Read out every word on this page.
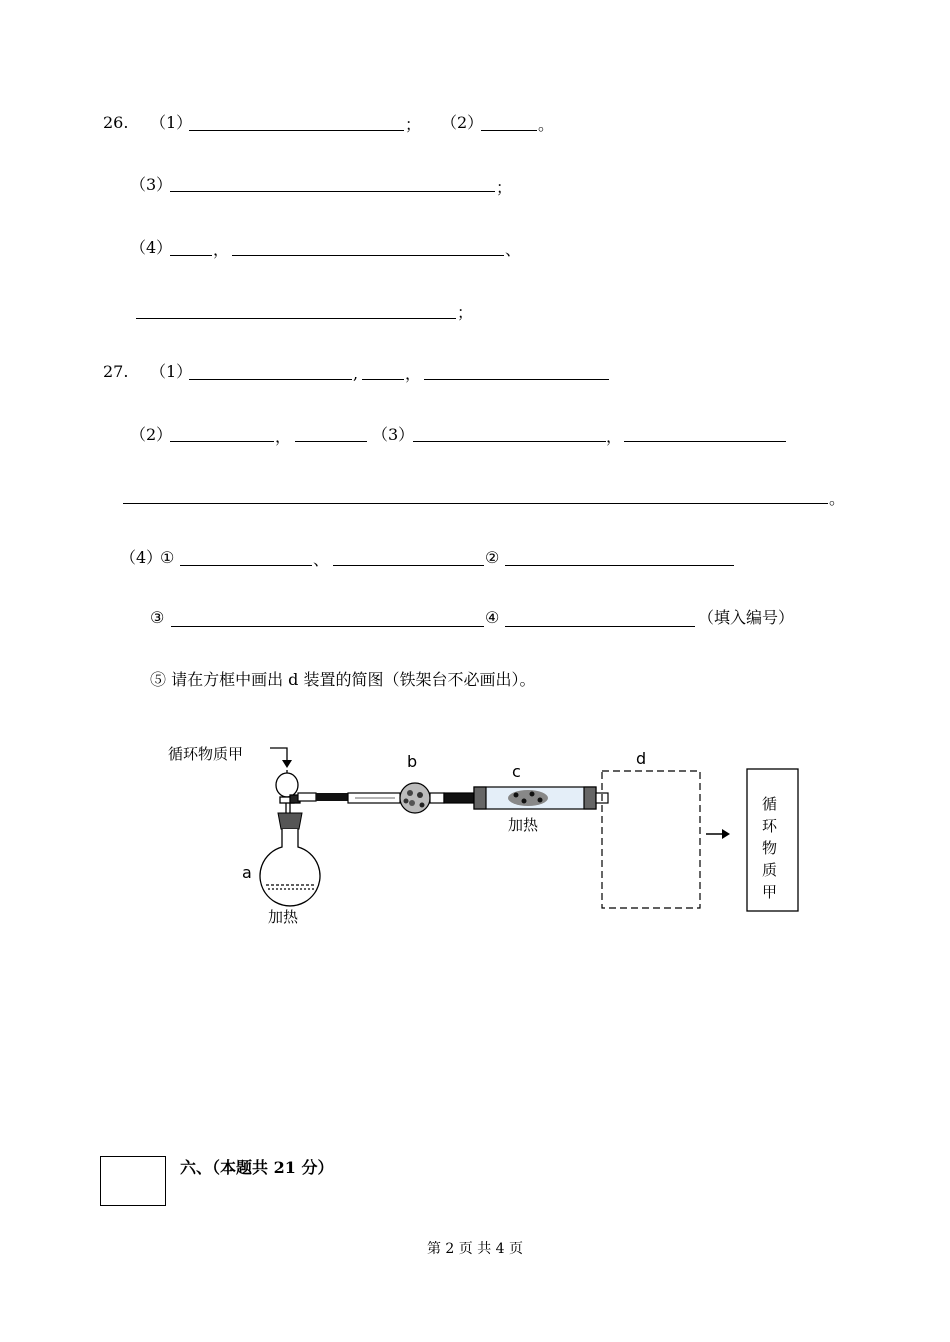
26. （1）	； （2）	。
（3）	；
（4）	，	、
；
27. （1）	,	，
（2）	，	（3）	，
。
（4）
①	、	②
③	④	（填入编号）
⑤ 请在方框中画出 d 装置的简图（铁架台不必画出）。
循环物质甲
a
加热
b
c
加热
d
循
环
物
质
甲
六、（本题共 21 分）
第 2 页 共 4 页
